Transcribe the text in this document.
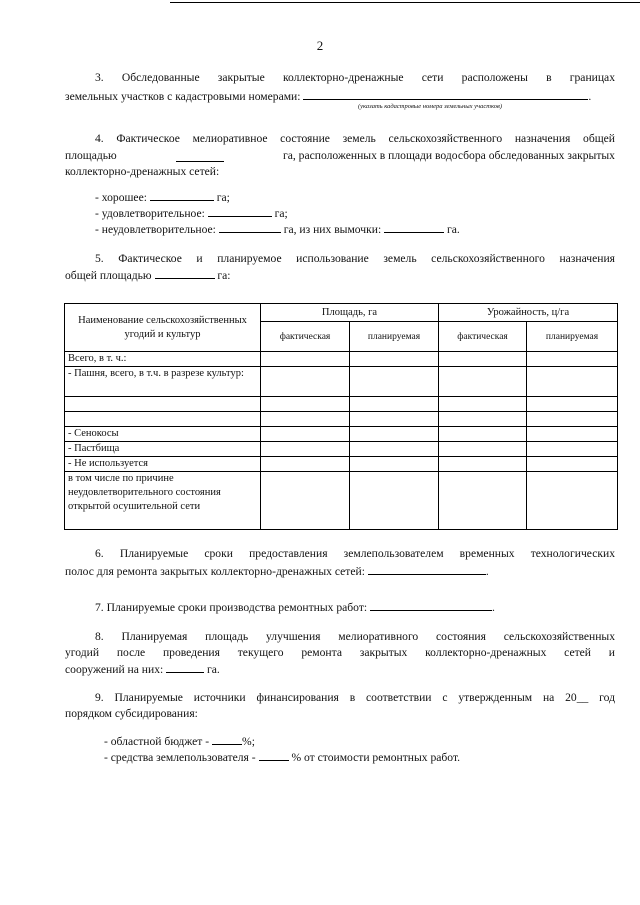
2
3. Обследованные закрытые коллекторно-дренажные сети расположены в границах
земельных участков с кадастровыми номерами:	.
(указать кадастровые номера земельных участков)
4. Фактическое мелиоративное состояние земель сельскохозяйственного назначения общей
площадью	га, расположенных в площади водосбора обследованных закрытых
коллекторно-дренажных сетей:
- хорошее:	га;
- удовлетворительное:	га;
- неудовлетворительное:	га, из них вымочки:	га.
5. Фактическое и планируемое использование земель сельскохозяйственного назначения
общей площадью	га:
Наименование сельскохозяйственных угодий и культур	Площадь, га		Урожайность, ц/га	
	фактическая	планируемая	фактическая	планируемая
Всего, в т. ч.:				
- Пашня, всего, в т.ч. в разрезе культур:				

- Сенокосы				
- Пастбища				
- Не используется				
в том числе по причине неудовлетворительного состояния открытой осушительной сети				
6. Планируемые сроки предоставления землепользователем временных технологических
полос для ремонта закрытых коллекторно-дренажных сетей:	.
7. Планируемые сроки производства ремонтных работ:	.
8. Планируемая площадь улучшения мелиоративного состояния сельскохозяйственных
угодий после проведения текущего ремонта закрытых коллекторно-дренажных сетей и
сооружений на них:	га.
9. Планируемые источники финансирования в соответствии с утвержденным на 20__ год
порядком субсидирования:
- областной бюджет -	%;
- средства землепользователя -	% от стоимости ремонтных работ.
